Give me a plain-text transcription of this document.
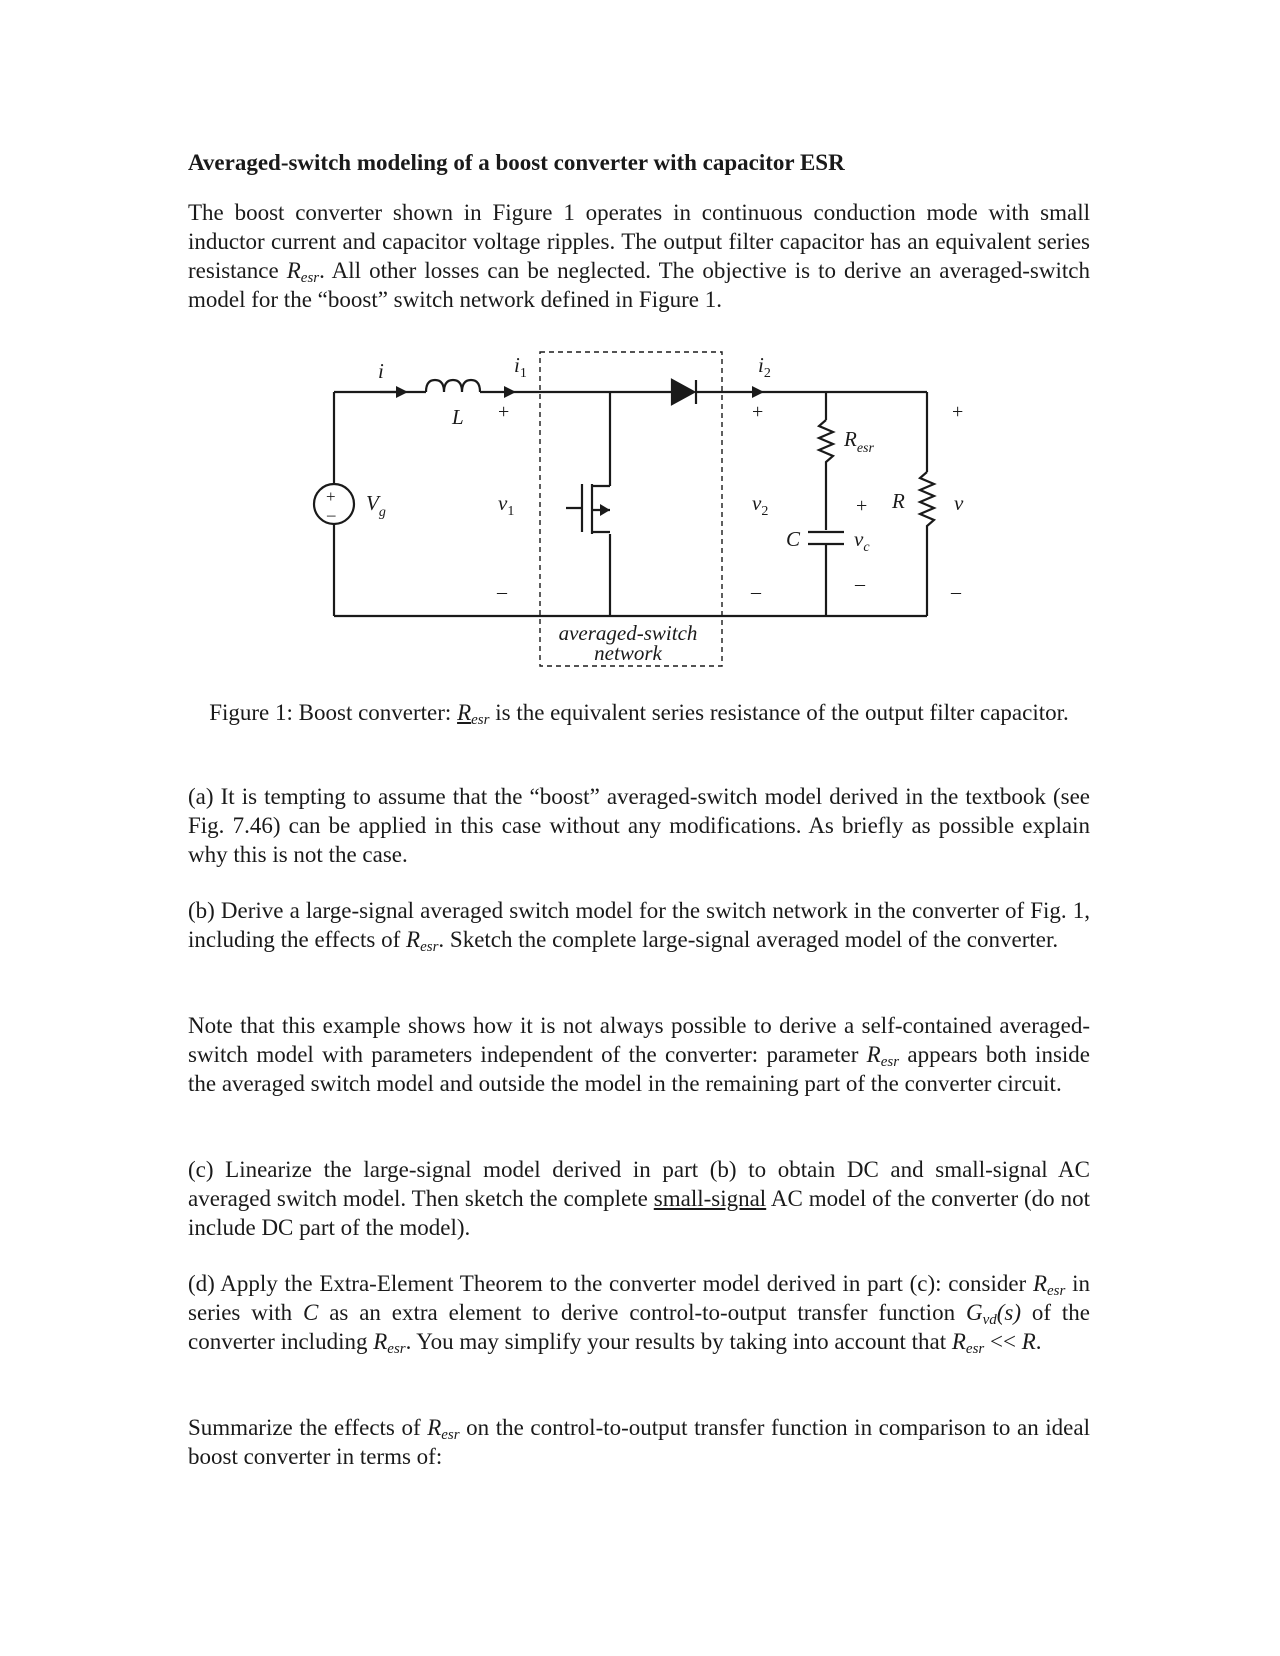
Averaged-switch modeling of a boost converter with capacitor ESR
The boost converter shown in Figure 1 operates in continuous conduction mode with small inductor current and capacitor voltage ripples. The output filter capacitor has an equivalent series resistance $R_{esr}$. All other losses can be neglected. The objective is to derive an averaged-switch model for the “boost” switch network defined in Figure 1.
Figure 1: Boost converter: $R_{esr}$ is the equivalent series resistance of the output filter capacitor.
(a) It is tempting to assume that the “boost” averaged-switch model derived in the textbook (see Fig. 7.46) can be applied in this case without any modifications. As briefly as possible explain why this is not the case.
(b) Derive a large-signal averaged switch model for the switch network in the converter of Fig. 1, including the effects of $R_{esr}$. Sketch the complete large-signal averaged model of the converter.
Note that this example shows how it is not always possible to derive a self-contained averaged-switch model with parameters independent of the converter: parameter $R_{esr}$ appears both inside the averaged switch model and outside the model in the remaining part of the converter circuit.
(c) Linearize the large-signal model derived in part (b) to obtain DC and small-signal AC averaged switch model. Then sketch the complete small-signal AC model of the converter (do not include DC part of the model).
(d) Apply the Extra-Element Theorem to the converter model derived in part (c): consider $R_{esr}$ in series with C as an extra element to derive control-to-output transfer function $G_{vd}(s)$ of the converter including $R_{esr}$. You may simplify your results by taking into account that $R_{esr} << R$.
Summarize the effects of $R_{esr}$ on the control-to-output transfer function in comparison to an ideal boost converter in terms of:
i	$i_1$	$i_2$
L
$V_g$	$v_1$	$v_2$
$R_{esr}$
C	$v_c$
R v
+
–
+
–
+
–
+
–
+
–
averaged-switch
network
